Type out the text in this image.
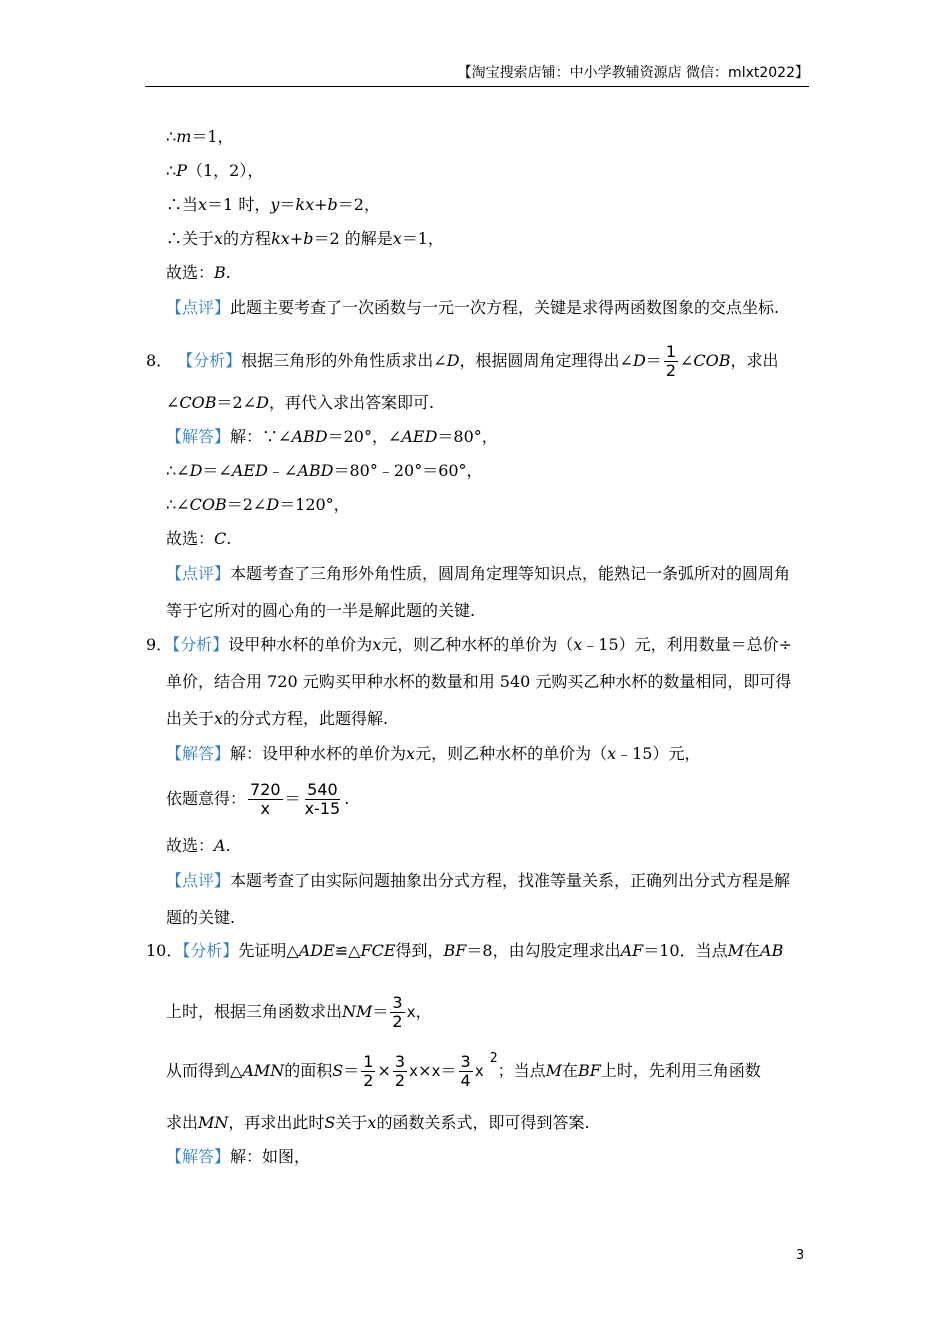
【淘宝搜索店铺：中小学教辅资源店 微信：mlxt2022】
∴m＝1，
∴P（1，2），
∴当x＝1 时，y＝kx+b＝2，
∴关于x的方程kx+b＝2 的解是x＝1，
故选：B.
【点评】此题主要考查了一次函数与一元一次方程，关键是求得两函数图象的交点坐标.
8． 【分析】根据三角形的外角性质求出∠D，根据圆周角定理得出∠D＝ $\frac{1}{2}$ ∠COB，求出
∠COB＝2∠D，再代入求出答案即可.
【解答】解：∵∠ABD＝20°，∠AED＝80°，
∴∠D＝∠AED﹣∠ABD＝80°﹣20°＝60°，
∴∠COB＝2∠D＝120°，
故选：C.
【点评】本题考查了三角形外角性质，圆周角定理等知识点，能熟记一条弧所对的圆周角
等于它所对的圆心角的一半是解此题的关键.
9．【分析】设甲种水杯的单价为x元，则乙种水杯的单价为（x﹣15）元，利用数量＝总价÷
单价，结合用 720 元购买甲种水杯的数量和用 540 元购买乙种水杯的数量相同，即可得
出关于x的分式方程，此题得解.
【解答】解：设甲种水杯的单价为x元，则乙种水杯的单价为（x﹣15）元，
依题意得： $\frac{720}{x} = \frac{540}{x-15}$ .
故选：A.
【点评】本题考查了由实际问题抽象出分式方程，找准等量关系，正确列出分式方程是解
题的关键.
10．【分析】先证明△ADE≌△FCE得到，BF＝8，由勾股定理求出AF＝10．当点M在AB
上时，根据三角函数求出$NM= \frac{3}{2}$ x，
从而得到△AMN的面积$S= \frac{1}{2} \times \frac{3}{2} x\times x= \frac{3}{4} x^2$；当点M在BF上时，先利用三角函数
求出MN，再求出此时S关于x的函数关系式，即可得到答案.
【解答】解：如图，
3
